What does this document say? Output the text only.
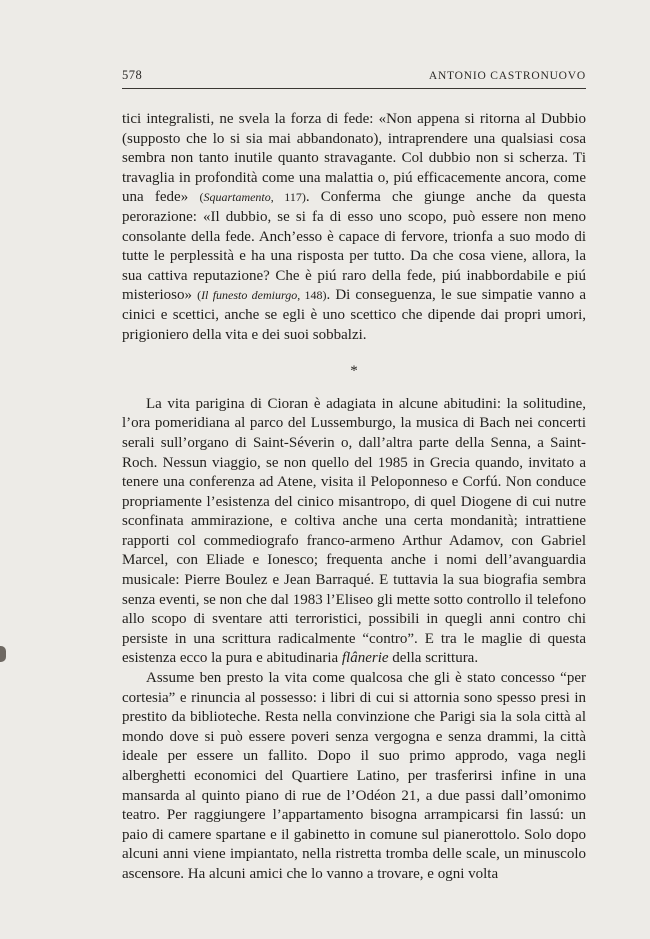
578	ANTONIO CASTRONUOVO

tici integralisti, ne svela la forza di fede: «Non appena si ritorna al Dubbio (supposto che lo si sia mai abbandonato), intraprendere una qualsiasi cosa sembra non tanto inutile quanto stravagante. Col dubbio non si scherza. Ti travaglia in profondità come una malattia o, piú efficacemente ancora, come una fede» (Squartamento, 117). Conferma che giunge anche da questa perorazione: «Il dubbio, se si fa di esso uno scopo, può essere non meno consolante della fede. Anch’esso è capace di fervore, trionfa a suo modo di tutte le perplessità e ha una risposta per tutto. Da che cosa viene, allora, la sua cattiva reputazione? Che è piú raro della fede, piú inabbordabile e piú misterioso» (Il funesto demiurgo, 148). Di conseguenza, le sue simpatie vanno a cinici e scettici, anche se egli è uno scettico che dipende dai propri umori, prigioniero della vita e dei suoi sobbalzi.

*

La vita parigina di Cioran è adagiata in alcune abitudini: la solitudine, l’ora pomeridiana al parco del Lussemburgo, la musica di Bach nei concerti serali sull’organo di Saint-Séverin o, dall’altra parte della Senna, a Saint-Roch. Nessun viaggio, se non quello del 1985 in Grecia quando, invitato a tenere una conferenza ad Atene, visita il Peloponneso e Corfú. Non conduce propriamente l’esistenza del cinico misantropo, di quel Diogene di cui nutre sconfinata ammirazione, e coltiva anche una certa mondanità; intrattiene rapporti col commediografo franco-armeno Arthur Adamov, con Gabriel Marcel, con Eliade e Ionesco; frequenta anche i nomi dell’avanguardia musicale: Pierre Boulez e Jean Barraqué. E tuttavia la sua biografia sembra senza eventi, se non che dal 1983 l’Eliseo gli mette sotto controllo il telefono allo scopo di sventare atti terroristici, possibili in quegli anni contro chi persiste in una scrittura radicalmente “contro”. E tra le maglie di questa esistenza ecco la pura e abitudinaria flânerie della scrittura.

Assume ben presto la vita come qualcosa che gli è stato concesso “per cortesia” e rinuncia al possesso: i libri di cui si attornia sono spesso presi in prestito da biblioteche. Resta nella convinzione che Parigi sia la sola città al mondo dove si può essere poveri senza vergogna e senza drammi, la città ideale per essere un fallito. Dopo il suo primo approdo, vaga negli alberghetti economici del Quartiere Latino, per trasferirsi infine in una mansarda al quinto piano di rue de l’Odéon 21, a due passi dall’omonimo teatro. Per raggiungere l’appartamento bisogna arrampicarsi fin lassú: un paio di camere spartane e il gabinetto in comune sul pianerottolo. Solo dopo alcuni anni viene impiantato, nella ristretta tromba delle scale, un minuscolo ascensore. Ha alcuni amici che lo vanno a trovare, e ogni volta
